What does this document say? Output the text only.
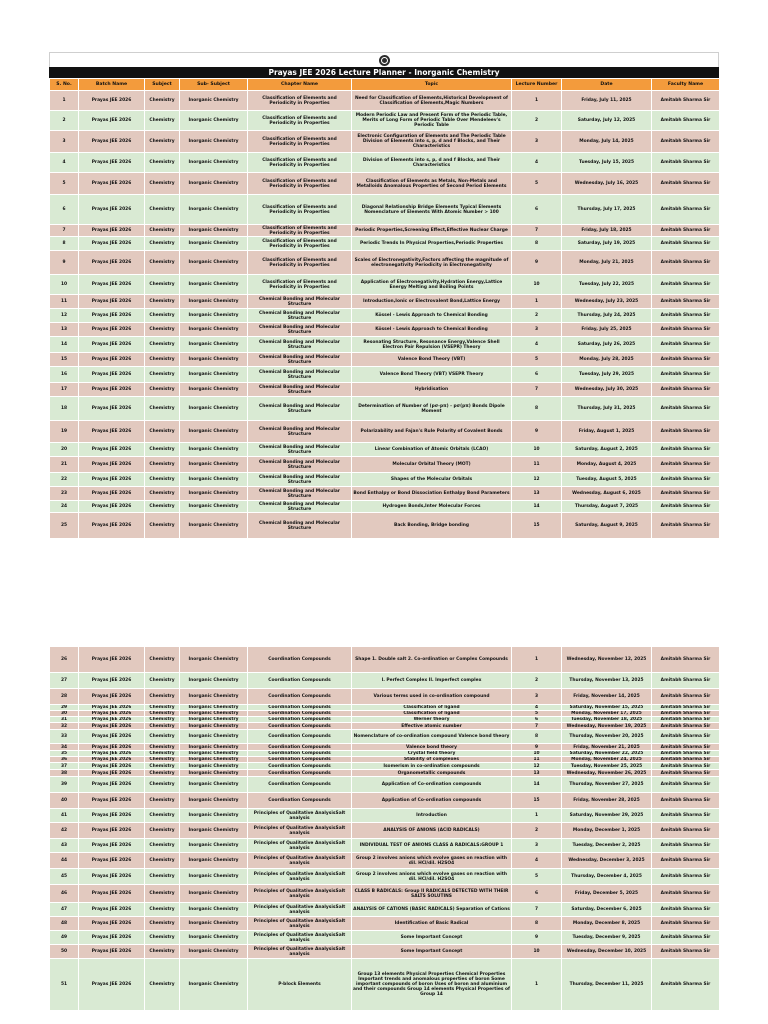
Prayas JEE 2026 Lecture Planner - Inorganic Chemistry
S. No.	Batch Name	Subject	Sub- Subject	Chapter Name	Topic	Lecture Number	Date	Faculty Name
1	Prayas JEE 2026	Chemistry	Inorganic Chemistry	Classification of Elements and Periodicity in Properties	Need for Classification of Elements,Historical Development of Classification of Elements,Magic Numbers	1	Friday, July 11, 2025	Amitabh Sharma Sir
2	Prayas JEE 2026	Chemistry	Inorganic Chemistry	Classification of Elements and Periodicity in Properties	Modern Periodic Law and Present Form of the Periodic Table, Merits of Long Form of Periodic Table Over Mendeleev's Periodic Table	2	Saturday, July 12, 2025	Amitabh Sharma Sir
3	Prayas JEE 2026	Chemistry	Inorganic Chemistry	Classification of Elements and Periodicity in Properties	Electronic Configuration of Elements and The Periodic Table Division of Elements into s, p, d and f Blocks, and Their Characteristics	3	Monday, July 14, 2025	Amitabh Sharma Sir
4	Prayas JEE 2026	Chemistry	Inorganic Chemistry	Classification of Elements and Periodicity in Properties	Division of Elements into s, p, d and f Blocks, and Their Characteristics	4	Tuesday, July 15, 2025	Amitabh Sharma Sir
5	Prayas JEE 2026	Chemistry	Inorganic Chemistry	Classification of Elements and Periodicity in Properties	Classification of Elements as Metals, Non-Metals and Metalloids Anomalous Properties of Second Period Elements	5	Wednesday, July 16, 2025	Amitabh Sharma Sir
6	Prayas JEE 2026	Chemistry	Inorganic Chemistry	Classification of Elements and Periodicity in Properties	Diagonal Relationship Bridge Elements Typical Elements Nomenclature of Elements With Atomic Number > 100	6	Thursday, July 17, 2025	Amitabh Sharma Sir
7	Prayas JEE 2026	Chemistry	Inorganic Chemistry	Classification of Elements and Periodicity in Properties	Periodic Properties,Screening Effect,Effective Nuclear Charge	7	Friday, July 18, 2025	Amitabh Sharma Sir
8	Prayas JEE 2026	Chemistry	Inorganic Chemistry	Classification of Elements and Periodicity in Properties	Periodic Trends In Physical Properties,Periodic Properties	8	Saturday, July 19, 2025	Amitabh Sharma Sir
9	Prayas JEE 2026	Chemistry	Inorganic Chemistry	Classification of Elements and Periodicity in Properties	Scales of Electronegativity,Factors affecting the magnitude of electronegativity Periodicity in Electronegativity	9	Monday, July 21, 2025	Amitabh Sharma Sir
10	Prayas JEE 2026	Chemistry	Inorganic Chemistry	Classification of Elements and Periodicity in Properties	Application of Electronegativity,Hydration Energy,Lattice Energy Melting and Boiling Points	10	Tuesday, July 22, 2025	Amitabh Sharma Sir
11	Prayas JEE 2026	Chemistry	Inorganic Chemistry	Chemical Bonding and Molecular Structure	Introduction,Ionic or Electrovalent Bond,Lattice Energy	1	Wednesday, July 23, 2025	Amitabh Sharma Sir
12	Prayas JEE 2026	Chemistry	Inorganic Chemistry	Chemical Bonding and Molecular Structure	Kössel - Lewis Approach to Chemical Bonding	2	Thursday, July 24, 2025	Amitabh Sharma Sir
13	Prayas JEE 2026	Chemistry	Inorganic Chemistry	Chemical Bonding and Molecular Structure	Kössel - Lewis Approach to Chemical Bonding	3	Friday, July 25, 2025	Amitabh Sharma Sir
14	Prayas JEE 2026	Chemistry	Inorganic Chemistry	Chemical Bonding and Molecular Structure	Resonating Structure, Resonance Energy,Valence Shell Electron Pair Repulsion (VSEPR) Theory	4	Saturday, July 26, 2025	Amitabh Sharma Sir
15	Prayas JEE 2026	Chemistry	Inorganic Chemistry	Chemical Bonding and Molecular Structure	Valence Bond Theory (VBT)	5	Monday, July 28, 2025	Amitabh Sharma Sir
16	Prayas JEE 2026	Chemistry	Inorganic Chemistry	Chemical Bonding and Molecular Structure	Valence Bond Theory (VBT) VSEPR Theory	6	Tuesday, July 29, 2025	Amitabh Sharma Sir
17	Prayas JEE 2026	Chemistry	Inorganic Chemistry	Chemical Bonding and Molecular Structure	Hybridisation	7	Wednesday, July 30, 2025	Amitabh Sharma Sir
18	Prayas JEE 2026	Chemistry	Inorganic Chemistry	Chemical Bonding and Molecular Structure	Determination of Number of (pσ-pπ) - pσ(pπ) Bonds Dipole Moment	8	Thursday, July 31, 2025	Amitabh Sharma Sir
19	Prayas JEE 2026	Chemistry	Inorganic Chemistry	Chemical Bonding and Molecular Structure	Polarizability and Fajan's Rule Polarity of Covalent Bonds	9	Friday, August 1, 2025	Amitabh Sharma Sir
20	Prayas JEE 2026	Chemistry	Inorganic Chemistry	Chemical Bonding and Molecular Structure	Linear Combination of Atomic Orbitals (LCAO)	10	Saturday, August 2, 2025	Amitabh Sharma Sir
21	Prayas JEE 2026	Chemistry	Inorganic Chemistry	Chemical Bonding and Molecular Structure	Molecular Orbital Theory (MOT)	11	Monday, August 4, 2025	Amitabh Sharma Sir
22	Prayas JEE 2026	Chemistry	Inorganic Chemistry	Chemical Bonding and Molecular Structure	Shapes of the Molecular Orbitals	12	Tuesday, August 5, 2025	Amitabh Sharma Sir
23	Prayas JEE 2026	Chemistry	Inorganic Chemistry	Chemical Bonding and Molecular Structure	Bond Enthalpy or Bond Dissociation Enthalpy Bond Parameters	13	Wednesday, August 6, 2025	Amitabh Sharma Sir
24	Prayas JEE 2026	Chemistry	Inorganic Chemistry	Chemical Bonding and Molecular Structure	Hydrogen Bonds,Inter Molecular Forces	14	Thursday, August 7, 2025	Amitabh Sharma Sir
25	Prayas JEE 2026	Chemistry	Inorganic Chemistry	Chemical Bonding and Molecular Structure	Back Bonding, Bridge bonding	15	Saturday, August 9, 2025	Amitabh Sharma Sir
26	Prayas JEE 2026	Chemistry	Inorganic Chemistry	Coordination Compounds	Shape 1. Double salt 2. Co-ordination or Complex Compounds	1	Wednesday, November 12, 2025	Amitabh Sharma Sir
27	Prayas JEE 2026	Chemistry	Inorganic Chemistry	Coordination Compounds	I. Perfect Complex II. Imperfect complex	2	Thursday, November 13, 2025	Amitabh Sharma Sir
28	Prayas JEE 2026	Chemistry	Inorganic Chemistry	Coordination Compounds	Various terms used in co-ordination compound	3	Friday, November 14, 2025	Amitabh Sharma Sir
29	Prayas JEE 2026	Chemistry	Inorganic Chemistry	Coordination Compounds	Classification of ligand	4	Saturday, November 15, 2025	Amitabh Sharma Sir
30	Prayas JEE 2026	Chemistry	Inorganic Chemistry	Coordination Compounds	Classification of ligand	5	Monday, November 17, 2025	Amitabh Sharma Sir
31	Prayas JEE 2026	Chemistry	Inorganic Chemistry	Coordination Compounds	Werner theory	6	Tuesday, November 18, 2025	Amitabh Sharma Sir
32	Prayas JEE 2026	Chemistry	Inorganic Chemistry	Coordination Compounds	Effective atomic number	7	Wednesday, November 19, 2025	Amitabh Sharma Sir
33	Prayas JEE 2026	Chemistry	Inorganic Chemistry	Coordination Compounds	Nomenclature of co-ordination compound Valence bond theory	8	Thursday, November 20, 2025	Amitabh Sharma Sir
34	Prayas JEE 2026	Chemistry	Inorganic Chemistry	Coordination Compounds	Valence bond theory	9	Friday, November 21, 2025	Amitabh Sharma Sir
35	Prayas JEE 2026	Chemistry	Inorganic Chemistry	Coordination Compounds	Crystal field theory	10	Saturday, November 22, 2025	Amitabh Sharma Sir
36	Prayas JEE 2026	Chemistry	Inorganic Chemistry	Coordination Compounds	Stability of complexes	11	Monday, November 24, 2025	Amitabh Sharma Sir
37	Prayas JEE 2026	Chemistry	Inorganic Chemistry	Coordination Compounds	Isomerism in co-ordination compounds	12	Tuesday, November 25, 2025	Amitabh Sharma Sir
38	Prayas JEE 2026	Chemistry	Inorganic Chemistry	Coordination Compounds	Organometallic compounds	13	Wednesday, November 26, 2025	Amitabh Sharma Sir
39	Prayas JEE 2026	Chemistry	Inorganic Chemistry	Coordination Compounds	Application of Co-ordination compounds	14	Thursday, November 27, 2025	Amitabh Sharma Sir
40	Prayas JEE 2026	Chemistry	Inorganic Chemistry	Coordination Compounds	Application of Co-ordination compounds	15	Friday, November 28, 2025	Amitabh Sharma Sir
41	Prayas JEE 2026	Chemistry	Inorganic Chemistry	Principles of Qualitative AnalysisSalt analysis	Introduction	1	Saturday, November 29, 2025	Amitabh Sharma Sir
42	Prayas JEE 2026	Chemistry	Inorganic Chemistry	Principles of Qualitative AnalysisSalt analysis	ANALYSIS OF ANIONS (ACID RADICALS)	2	Monday, December 1, 2025	Amitabh Sharma Sir
43	Prayas JEE 2026	Chemistry	Inorganic Chemistry	Principles of Qualitative AnalysisSalt analysis	INDIVIDUAL TEST OF ANIONS CLASS A RADICALS:GROUP 1	3	Tuesday, December 2, 2025	Amitabh Sharma Sir
44	Prayas JEE 2026	Chemistry	Inorganic Chemistry	Principles of Qualitative AnalysisSalt analysis	Group 2 involves anions which evolve gases on reaction with dil. HCl/dil. H2SO4	4	Wednesday, December 3, 2025	Amitabh Sharma Sir
45	Prayas JEE 2026	Chemistry	Inorganic Chemistry	Principles of Qualitative AnalysisSalt analysis	Group 2 involves anions which evolve gases on reaction with dil. HCl/dil. H2SO4	5	Thursday, December 4, 2025	Amitabh Sharma Sir
46	Prayas JEE 2026	Chemistry	Inorganic Chemistry	Principles of Qualitative AnalysisSalt analysis	CLASS B RADICALS: Group II RADICALS DETECTED WITH THEIR SALTS SOLUTINS	6	Friday, December 5, 2025	Amitabh Sharma Sir
47	Prayas JEE 2026	Chemistry	Inorganic Chemistry	Principles of Qualitative AnalysisSalt analysis	ANALYSIS OF CATIONS (BASIC RADICALS) Separation of Cations	7	Saturday, December 6, 2025	Amitabh Sharma Sir
48	Prayas JEE 2026	Chemistry	Inorganic Chemistry	Principles of Qualitative AnalysisSalt analysis	Identification of Basic Radical	8	Monday, December 8, 2025	Amitabh Sharma Sir
49	Prayas JEE 2026	Chemistry	Inorganic Chemistry	Principles of Qualitative AnalysisSalt analysis	Some Important Concept	9	Tuesday, December 9, 2025	Amitabh Sharma Sir
50	Prayas JEE 2026	Chemistry	Inorganic Chemistry	Principles of Qualitative AnalysisSalt analysis	Some Important Concept	10	Wednesday, December 10, 2025	Amitabh Sharma Sir
51	Prayas JEE 2026	Chemistry	Inorganic Chemistry	P-block Elements	Group 13 elements Physical Properties Chemical Properties Important trends and anomalous properties of boron Some important compounds of boron Uses of boron and aluminium and their compounds Group 14 elements Physical Properties of Group 14	1	Thursday, December 11, 2025	Amitabh Sharma Sir
